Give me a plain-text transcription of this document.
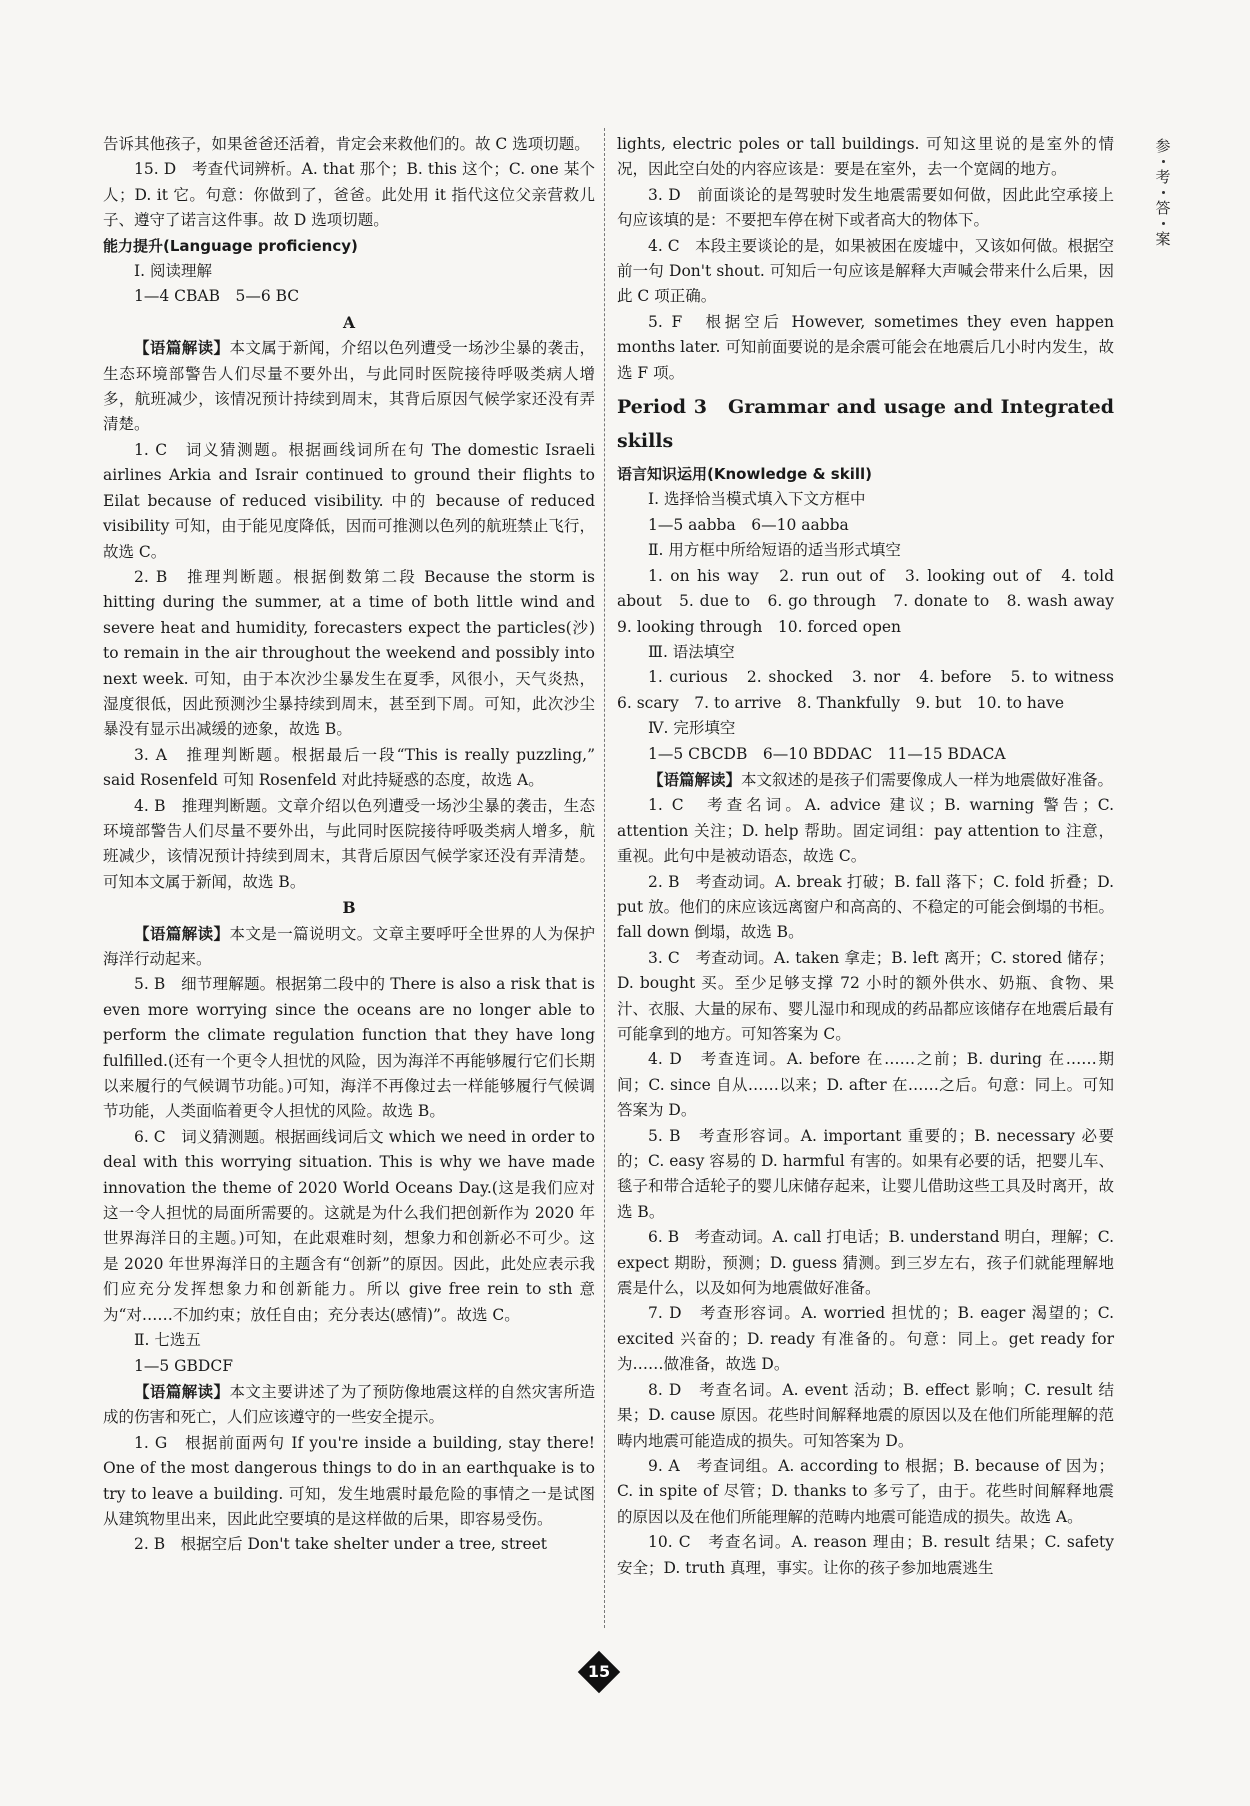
参
考
答
案

告诉其他孩子，如果爸爸还活着，肯定会来救他们的。故 C 选项切题。

15. D　考查代词辨析。A. that 那个；B. this 这个；C. one 某个人；D. it 它。句意：你做到了，爸爸。此处用 it 指代这位父亲营救儿子、遵守了诺言这件事。故 D 选项切题。

能力提升(Language proficiency)

Ⅰ. 阅读理解

1—4 CBAB　5—6 BC

A

【语篇解读】本文属于新闻，介绍以色列遭受一场沙尘暴的袭击，生态环境部警告人们尽量不要外出，与此同时医院接待呼吸类病人增多，航班减少，该情况预计持续到周末，其背后原因气候学家还没有弄清楚。

1. C　词义猜测题。根据画线词所在句 The domestic Israeli airlines Arkia and Israir continued to ground their flights to Eilat because of reduced visibility. 中的 because of reduced visibility 可知，由于能见度降低，因而可推测以色列的航班禁止飞行，故选 C。

2. B　推理判断题。根据倒数第二段 Because the storm is hitting during the summer, at a time of both little wind and severe heat and humidity, forecasters expect the particles(沙) to remain in the air throughout the weekend and possibly into next week. 可知，由于本次沙尘暴发生在夏季，风很小，天气炎热，湿度很低，因此预测沙尘暴持续到周末，甚至到下周。可知，此次沙尘暴没有显示出减缓的迹象，故选 B。

3. A　推理判断题。根据最后一段“This is really puzzling,” said Rosenfeld 可知 Rosenfeld 对此持疑惑的态度，故选 A。

4. B　推理判断题。文章介绍以色列遭受一场沙尘暴的袭击，生态环境部警告人们尽量不要外出，与此同时医院接待呼吸类病人增多，航班减少，该情况预计持续到周末，其背后原因气候学家还没有弄清楚。可知本文属于新闻，故选 B。

B

【语篇解读】本文是一篇说明文。文章主要呼吁全世界的人为保护海洋行动起来。

5. B　细节理解题。根据第二段中的 There is also a risk that is even more worrying since the oceans are no longer able to perform the climate regulation function that they have long fulfilled.(还有一个更令人担忧的风险，因为海洋不再能够履行它们长期以来履行的气候调节功能。)可知，海洋不再像过去一样能够履行气候调节功能，人类面临着更令人担忧的风险。故选 B。

6. C　词义猜测题。根据画线词后文 which we need in order to deal with this worrying situation. This is why we have made innovation the theme of 2020 World Oceans Day.(这是我们应对这一令人担忧的局面所需要的。这就是为什么我们把创新作为 2020 年世界海洋日的主题。)可知，在此艰难时刻，想象力和创新必不可少。这是 2020 年世界海洋日的主题含有“创新”的原因。因此，此处应表示我们应充分发挥想象力和创新能力。所以 give free rein to sth 意为“对……不加约束；放任自由；充分表达(感情)”。故选 C。

Ⅱ. 七选五

1—5 GBDCF

【语篇解读】本文主要讲述了为了预防像地震这样的自然灾害所造成的伤害和死亡，人们应该遵守的一些安全提示。

1. G　根据前面两句 If you're inside a building, stay there! One of the most dangerous things to do in an earthquake is to try to leave a building. 可知，发生地震时最危险的事情之一是试图从建筑物里出来，因此此空要填的是这样做的后果，即容易受伤。

2. B　根据空后 Don't take shelter under a tree, street

lights, electric poles or tall buildings. 可知这里说的是室外的情况，因此空白处的内容应该是：要是在室外，去一个宽阔的地方。

3. D　前面谈论的是驾驶时发生地震需要如何做，因此此空承接上句应该填的是：不要把车停在树下或者高大的物体下。

4. C　本段主要谈论的是，如果被困在废墟中，又该如何做。根据空前一句 Don't shout. 可知后一句应该是解释大声喊会带来什么后果，因此 C 项正确。

5. F　根据空后 However, sometimes they even happen months later. 可知前面要说的是余震可能会在地震后几小时内发生，故选 F 项。

Period 3　Grammar and usage and Integrated skills

语言知识运用(Knowledge & skill)

Ⅰ. 选择恰当模式填入下文方框中

1—5 aabba　6—10 aabba

Ⅱ. 用方框中所给短语的适当形式填空

1. on his way　2. run out of　3. looking out of　4. told about　5. due to　6. go through　7. donate to　8. wash away　9. looking through　10. forced open

Ⅲ. 语法填空

1. curious　2. shocked　3. nor　4. before　5. to witness　6. scary　7. to arrive　8. Thankfully　9. but　10. to have

Ⅳ. 完形填空

1—5 CBCDB　6—10 BDDAC　11—15 BDACA

【语篇解读】本文叙述的是孩子们需要像成人一样为地震做好准备。

1. C　考查名词。A. advice 建议；B. warning 警告；C. attention 关注；D. help 帮助。固定词组：pay attention to 注意，重视。此句中是被动语态，故选 C。

2. B　考查动词。A. break 打破；B. fall 落下；C. fold 折叠；D. put 放。他们的床应该远离窗户和高高的、不稳定的可能会倒塌的书柜。fall down 倒塌，故选 B。

3. C　考查动词。A. taken 拿走；B. left 离开；C. stored 储存；D. bought 买。至少足够支撑 72 小时的额外供水、奶瓶、食物、果汁、衣服、大量的尿布、婴儿湿巾和现成的药品都应该储存在地震后最有可能拿到的地方。可知答案为 C。

4. D　考查连词。A. before 在……之前；B. during 在……期间；C. since 自从……以来；D. after 在……之后。句意：同上。可知答案为 D。

5. B　考查形容词。A. important 重要的；B. necessary 必要的；C. easy 容易的 D. harmful 有害的。如果有必要的话，把婴儿车、毯子和带合适轮子的婴儿床储存起来，让婴儿借助这些工具及时离开，故选 B。

6. B　考查动词。A. call 打电话；B. understand 明白，理解；C. expect 期盼，预测；D. guess 猜测。到三岁左右，孩子们就能理解地震是什么，以及如何为地震做好准备。

7. D　考查形容词。A. worried 担忧的；B. eager 渴望的；C. excited 兴奋的；D. ready 有准备的。句意：同上。get ready for 为……做准备，故选 D。

8. D　考查名词。A. event 活动；B. effect 影响；C. result 结果；D. cause 原因。花些时间解释地震的原因以及在他们所能理解的范畴内地震可能造成的损失。可知答案为 D。

9. A　考查词组。A. according to 根据；B. because of 因为；C. in spite of 尽管；D. thanks to 多亏了，由于。花些时间解释地震的原因以及在他们所能理解的范畴内地震可能造成的损失。故选 A。

10. C　考查名词。A. reason 理由；B. result 结果；C. safety 安全；D. truth 真理，事实。让你的孩子参加地震逃生

15
